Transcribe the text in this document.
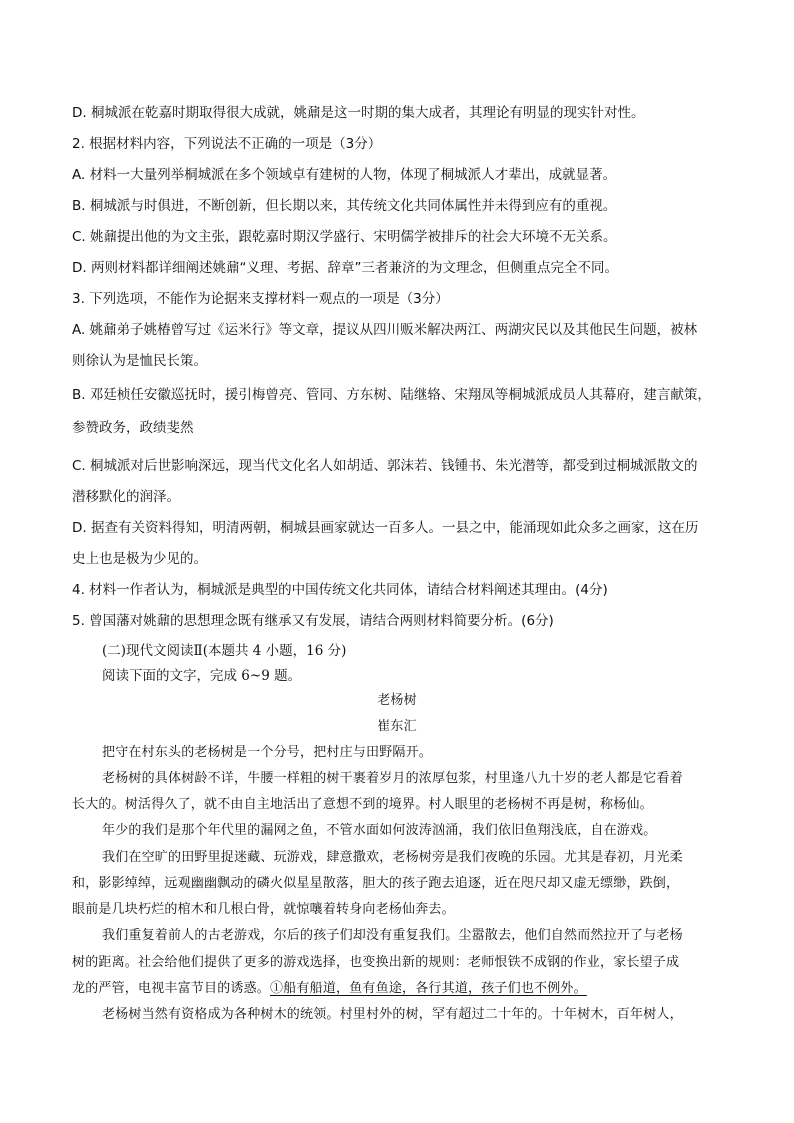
D. 桐城派在乾嘉时期取得很大成就，姚鼐是这一时期的集大成者，其理论有明显的现实针对性。
2. 根据材料内容，下列说法不正确的一项是（3分）
A. 材料一大量列举桐城派在多个领域卓有建树的人物，体现了桐城派人才辈出，成就显著。
B. 桐城派与时俱进，不断创新，但长期以来，其传统文化共同体属性并未得到应有的重视。
C. 姚鼐提出他的为文主张，跟乾嘉时期汉学盛行、宋明儒学被排斥的社会大环境不无关系。
D. 两则材料都详细阐述姚鼐“义理、考据、辞章”三者兼济的为文理念，但侧重点完全不同。
3. 下列选项，不能作为论据来支撑材料一观点的一项是（3分）
A. 姚鼐弟子姚椿曾写过《运米行》等文章，提议从四川贩米解决两江、两湖灾民以及其他民生问题，被林
则徐认为是恤民长策。
B. 邓廷桢任安徽巡抚时，援引梅曾亮、管同、方东树、陆继辂、宋翔凤等桐城派成员人其幕府，建言献策，
参赞政务，政绩斐然
C. 桐城派对后世影响深远，现当代文化名人如胡适、郭沫若、钱锺书、朱光潜等，都受到过桐城派散文的
潜移默化的润泽。
D. 据查有关资料得知，明清两朝，桐城县画家就达一百多人。一县之中，能涌现如此众多之画家，这在历
史上也是极为少见的。
4. 材料一作者认为，桐城派是典型的中国传统文化共同体，请结合材料阐述其理由。(4分)
5. 曾国藩对姚鼐的思想理念既有继承又有发展，请结合两则材料简要分析。(6分)
(二)现代文阅读Ⅱ(本题共 4 小题，16 分)
阅读下面的文字，完成 6~9 题。
老杨树
崔东汇
把守在村东头的老杨树是一个分号，把村庄与田野隔开。
老杨树的具体树龄不详，牛腰一样粗的树干裹着岁月的浓厚包浆，村里逢八九十岁的老人都是它看着
长大的。树活得久了，就不由自主地活出了意想不到的境界。村人眼里的老杨树不再是树，称杨仙。
年少的我们是那个年代里的漏网之鱼，不管水面如何波涛汹涌，我们依旧鱼翔浅底，自在游戏。
我们在空旷的田野里捉迷藏、玩游戏，肆意撒欢，老杨树旁是我们夜晚的乐园。尤其是春初，月光柔
和，影影绰绰，远观幽幽飘动的磷火似星星散落，胆大的孩子跑去追逐，近在咫尺却又虚无缥缈，跌倒，
眼前是几块朽烂的棺木和几根白骨，就惊嚷着转身向老杨仙奔去。
我们重复着前人的古老游戏，尔后的孩子们却没有重复我们。尘嚣散去，他们自然而然拉开了与老杨
树的距离。社会给他们提供了更多的游戏选择，也变换出新的规则：老师恨铁不成钢的作业，家长望子成
龙的严管，电视丰富节目的诱惑。①船有船道，鱼有鱼途，各行其道，孩子们也不例外。
老杨树当然有资格成为各种树木的统领。村里村外的树，罕有超过二十年的。十年树木，百年树人，
